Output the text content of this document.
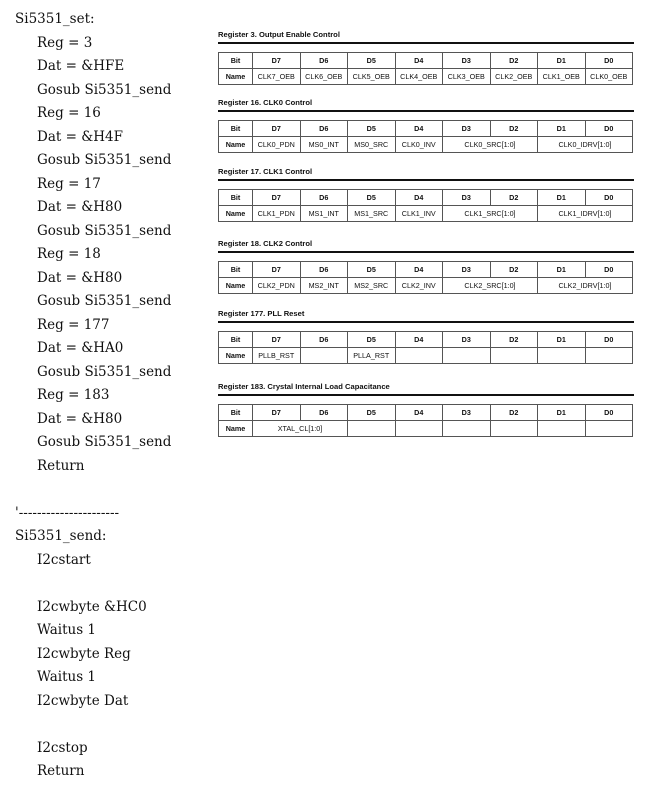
Si5351_set:
Reg = 3
Dat = &HFE
Gosub Si5351_send
Reg = 16
Dat = &H4F
Gosub Si5351_send
Reg = 17
Dat = &H80
Gosub Si5351_send
Reg = 18
Dat = &H80
Gosub Si5351_send
Reg = 177
Dat = &HA0
Gosub Si5351_send
Reg = 183
Dat = &H80
Gosub Si5351_send
Return
'----------------------
Si5351_send:
I2cstart
I2cwbyte &HC0
Waitus 1
I2cwbyte Reg
Waitus 1
I2cwbyte Dat
I2cstop
Return
Register 3. Output Enable Control
Bit	D7	D6	D5	D4	D3	D2	D1	D0
Name	CLK7_OEB	CLK6_OEB	CLK5_OEB	CLK4_OEB	CLK3_OEB	CLK2_OEB	CLK1_OEB	CLK0_OEB
Register 16. CLK0 Control
Bit	D7	D6	D5	D4	D3	D2	D1	D0
Name	CLK0_PDN	MS0_INT	MS0_SRC	CLK0_INV	CLK0_SRC[1:0]		CLK0_IDRV[1:0]	
Register 17. CLK1 Control
Bit	D7	D6	D5	D4	D3	D2	D1	D0
Name	CLK1_PDN	MS1_INT	MS1_SRC	CLK1_INV	CLK1_SRC[1:0]		CLK1_IDRV[1:0]	
Register 18. CLK2 Control
Bit	D7	D6	D5	D4	D3	D2	D1	D0
Name	CLK2_PDN	MS2_INT	MS2_SRC	CLK2_INV	CLK2_SRC[1:0]		CLK2_IDRV[1:0]	
Register 177. PLL Reset
Bit	D7	D6	D5	D4	D3	D2	D1	D0
Name	PLLB_RST		PLLA_RST					
Register 183. Crystal Internal Load Capacitance
Bit	D7	D6	D5	D4	D3	D2	D1	D0
Name	XTAL_CL[1:0]							
